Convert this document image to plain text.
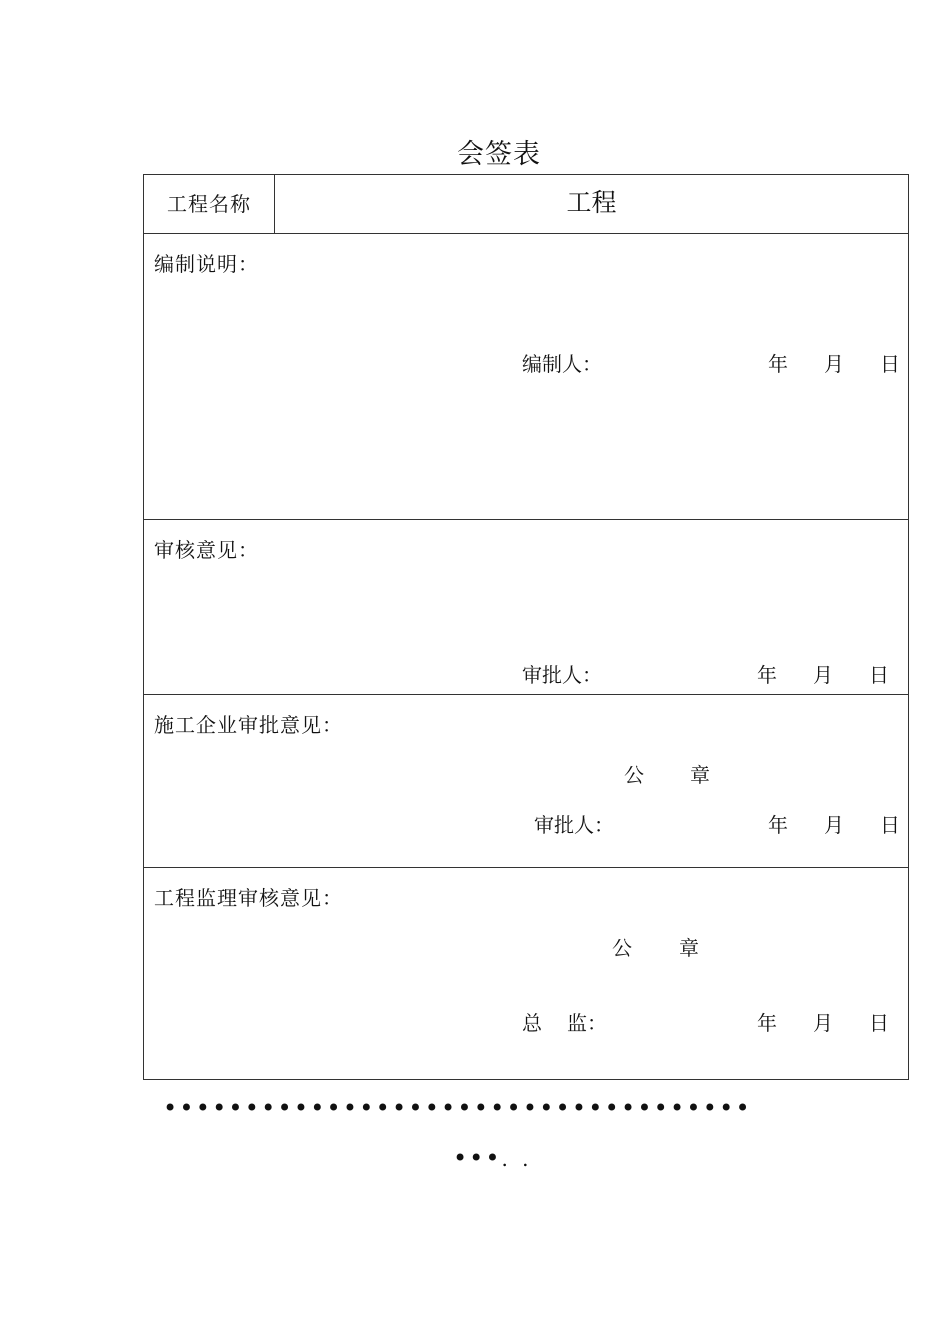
会签表
工程名称	工程
编制说明：
编制人：	年 月 日
审核意见：
审批人：	年 月 日
施工企业审批意见：
公 章
审批人：	年 月 日
工程监理审核意见：
公 章
总 监：	年 月 日
••••••••••••••••••••••••••••••••••••
•••. .
